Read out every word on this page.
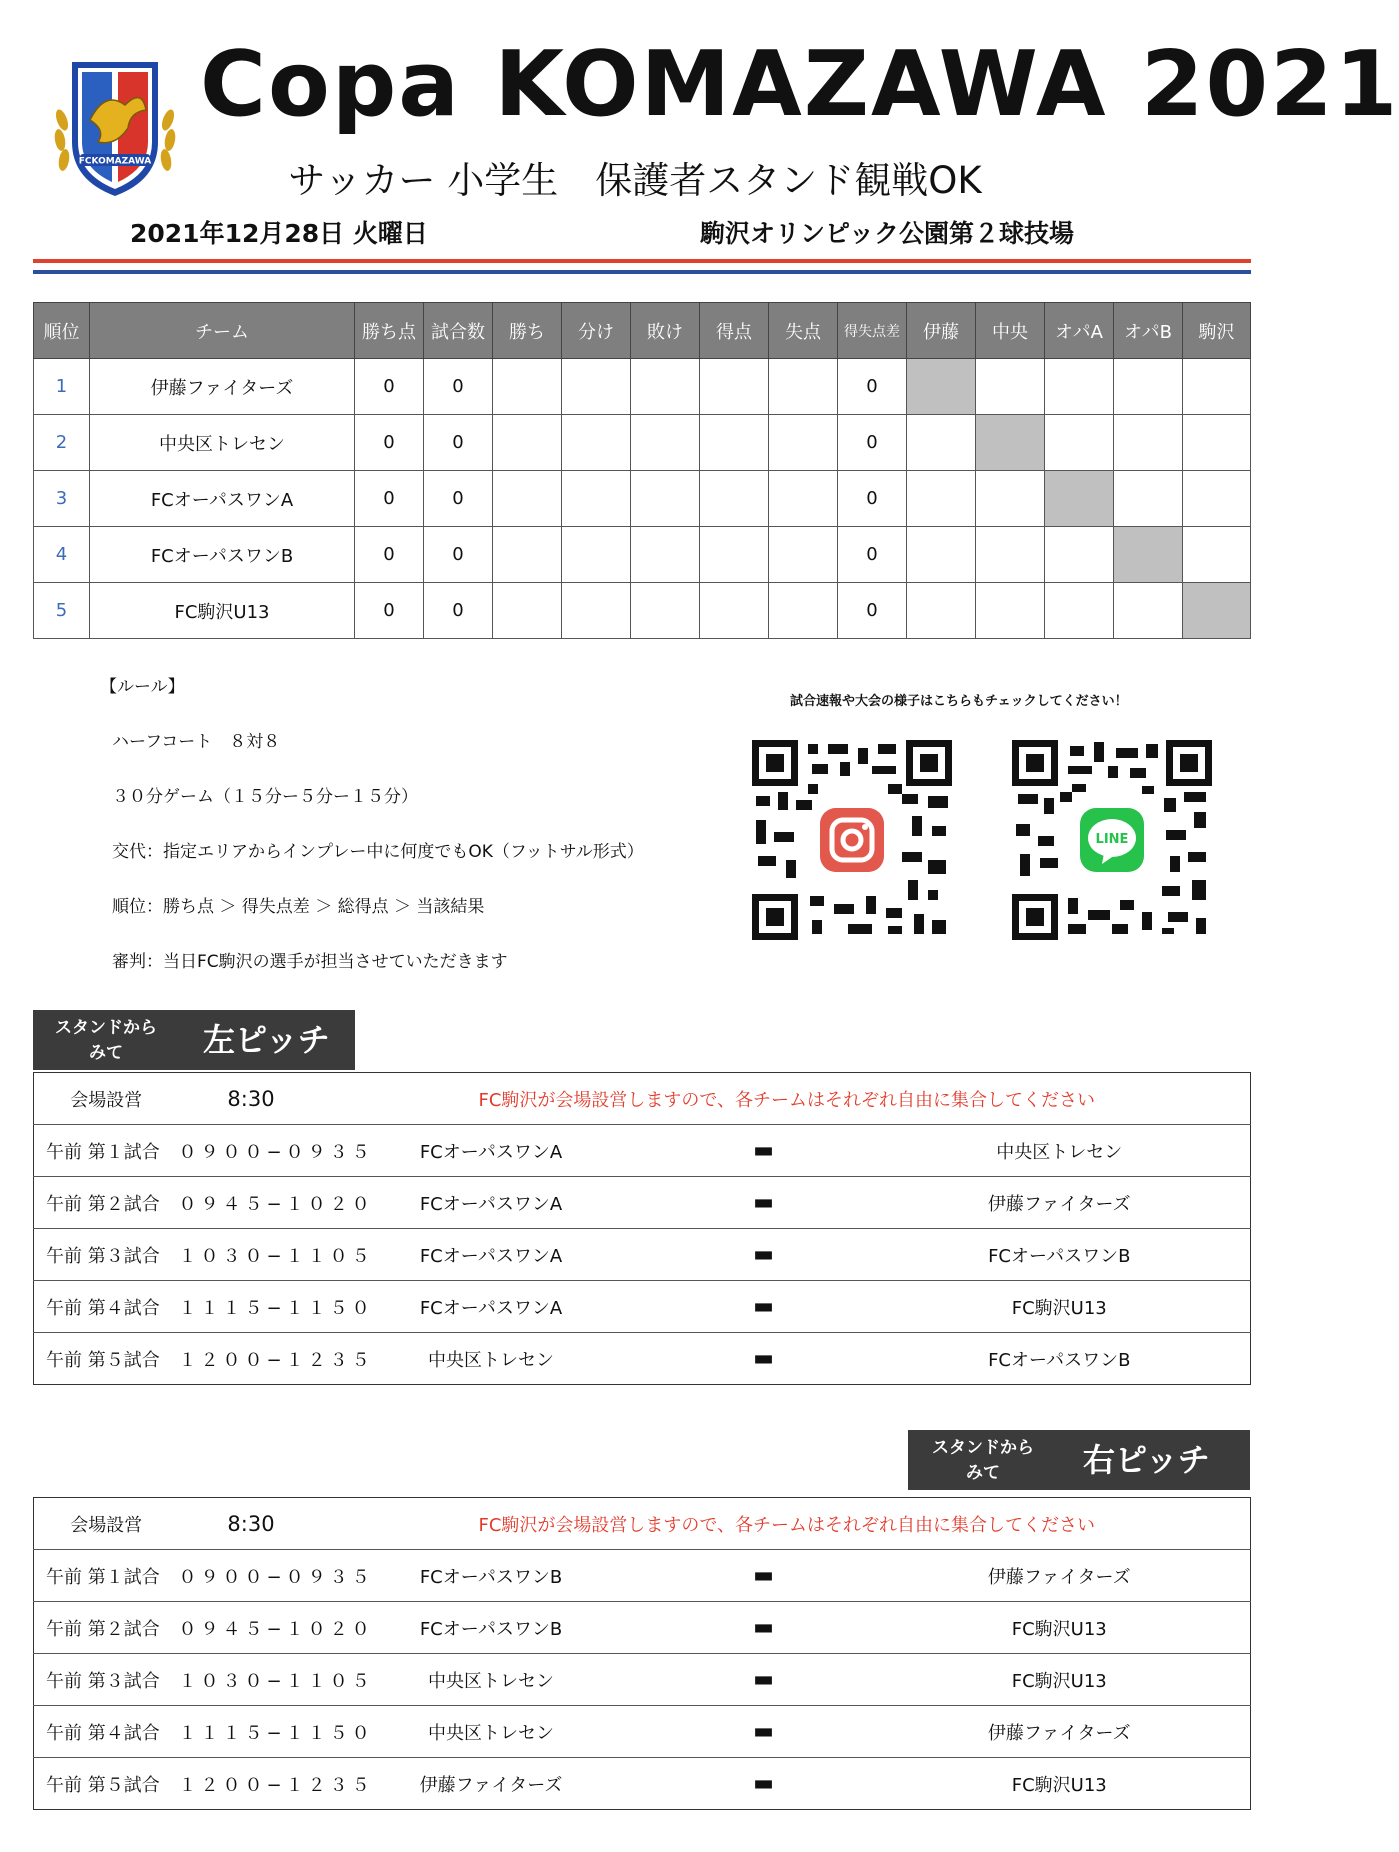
FCKOMAZAWA
Copa KOMAZAWA 2021
サッカー 小学生　保護者スタンド観戦OK
2021年12月28日 火曜日	駒沢オリンピック公園第２球技場
順位	チーム	勝ち点	試合数	勝ち	分け	敗け	得点	失点	得失点差	伊藤	中央	オパA	オパB	駒沢
1	伊藤ファイターズ	0	0						0					
2	中央区トレセン	0	0						0					
3	FCオーパスワンA	0	0						0					
4	FCオーパスワンB	0	0						0					
5	FC駒沢U13	0	0						0					
【ルール】
ハーフコート　８対８
３０分ゲーム（１５分ー５分ー１５分）
交代：指定エリアからインプレー中に何度でもOK（フットサル形式）
順位：勝ち点 ＞ 得失点差 ＞ 総得点 ＞ 当該結果
審判：当日FC駒沢の選手が担当させていただきます
試合速報や大会の様子はこちらもチェックしてください！
LINE
スタンドから
みて	左ピッチ
会場設営	8:30	FC駒沢が会場設営しますので、各チームはそれぞれ自由に集合してください		
午前 第１試合	０９００−０９３５	FCオーパスワンA	▬	中央区トレセン
午前 第２試合	０９４５−１０２０	FCオーパスワンA	▬	伊藤ファイターズ
午前 第３試合	１０３０−１１０５	FCオーパスワンA	▬	FCオーパスワンB
午前 第４試合	１１１５−１１５０	FCオーパスワンA	▬	FC駒沢U13
午前 第５試合	１２００−１２３５	中央区トレセン	▬	FCオーパスワンB
スタンドから
みて	右ピッチ
会場設営	8:30	FC駒沢が会場設営しますので、各チームはそれぞれ自由に集合してください		
午前 第１試合	０９００−０９３５	FCオーパスワンB	▬	伊藤ファイターズ
午前 第２試合	０９４５−１０２０	FCオーパスワンB	▬	FC駒沢U13
午前 第３試合	１０３０−１１０５	中央区トレセン	▬	FC駒沢U13
午前 第４試合	１１１５−１１５０	中央区トレセン	▬	伊藤ファイターズ
午前 第５試合	１２００−１２３５	伊藤ファイターズ	▬	FC駒沢U13
